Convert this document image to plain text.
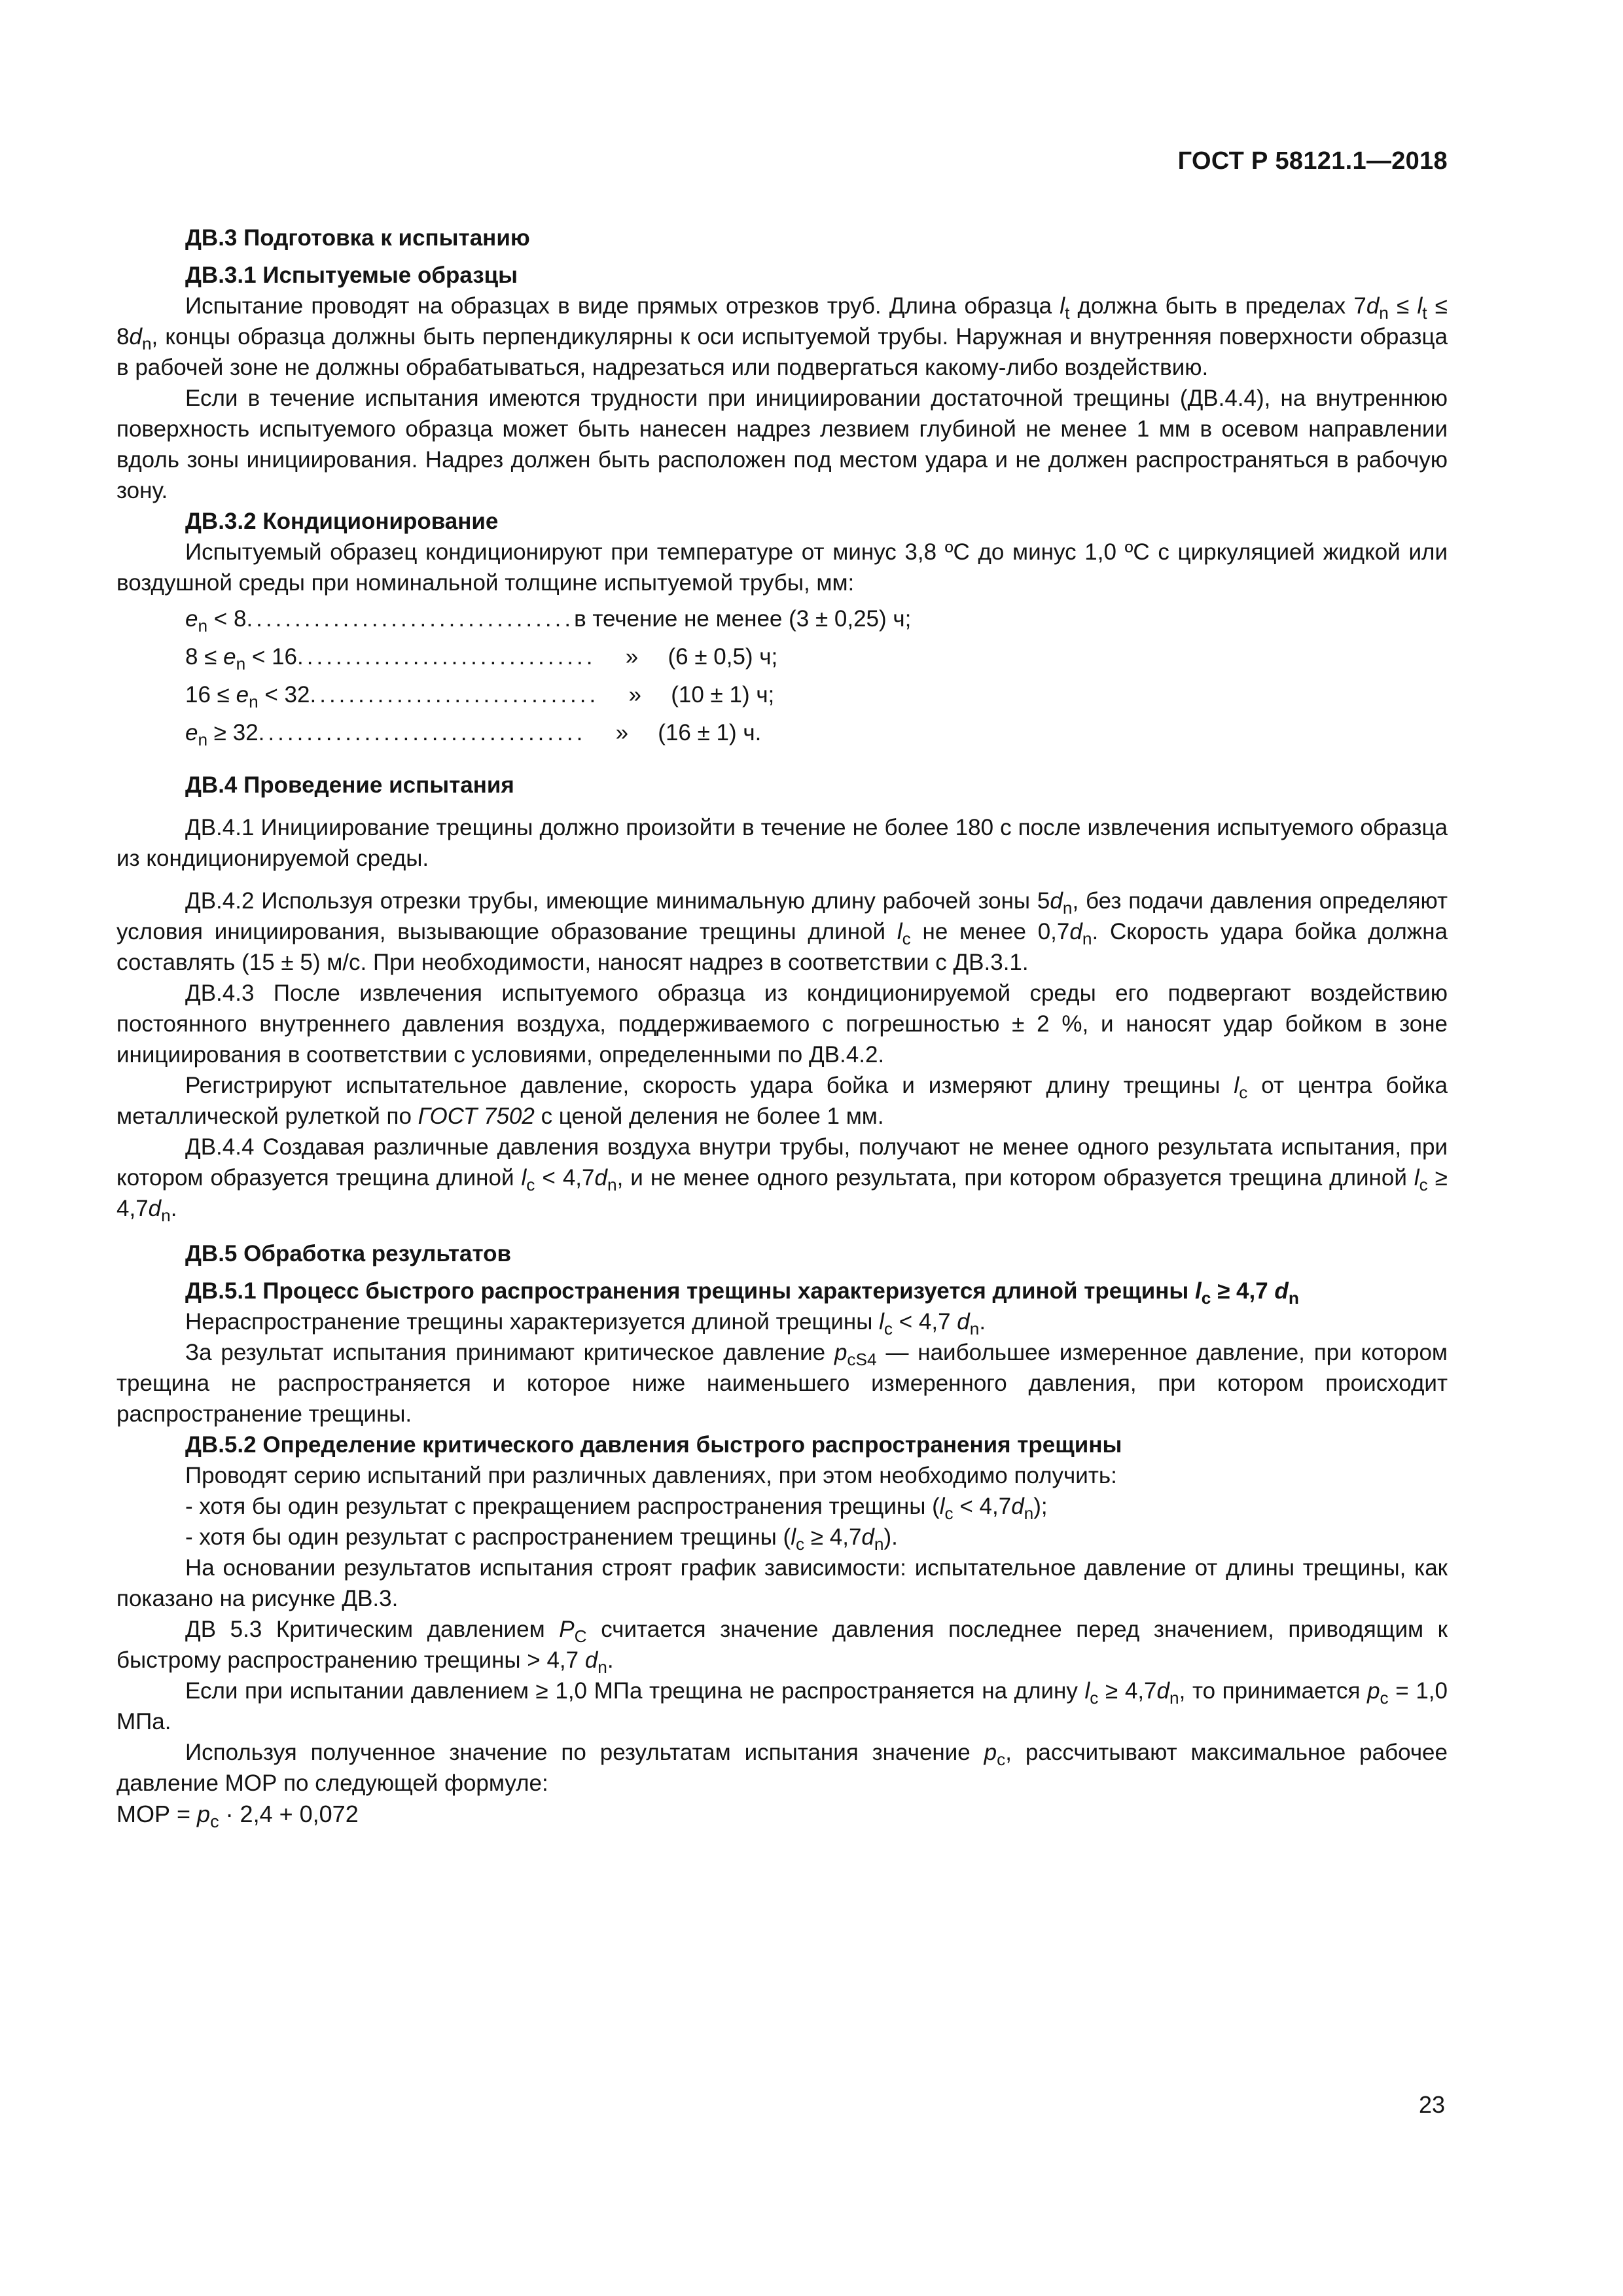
ГОСТ Р 58121.1—2018
ДВ.3 Подготовка к испытанию
ДВ.3.1 Испытуемые образцы

Испытание проводят на образцах в виде прямых отрезков труб. Длина образца $l_t$ должна быть в пределах $7d_n \le l_t \le 8d_n$, концы образца должны быть перпендикулярны к оси испытуемой трубы. Наружная и внутренняя поверхности образца в рабочей зоне не должны обрабатываться, надрезаться или подвергаться какому-либо воздействию.

Если в течение испытания имеются трудности при инициировании достаточной трещины (ДВ.4.4), на внутреннюю поверхность испытуемого образца может быть нанесен надрез лезвием глубиной не менее 1 мм в осевом направлении вдоль зоны инициирования. Надрез должен быть расположен под местом удара и не должен распространяться в рабочую зону.

ДВ.3.2 Кондиционирование

Испытуемый образец кондиционируют при температуре от минус 3,8 ºС до минус 1,0 ºС с циркуляцией жидкой или воздушной среды при номинальной толщине испытуемой трубы, мм:

$e_n < 8$ .................................. в течение не менее (3 ± 0,25) ч;
$8 \le e_n < 16$ ...............................	» (6 ± 0,5) ч;
$16 \le e_n < 32$ ..............................	» (10 ± 1) ч;
$e_n \ge 32$ ..................................	» (16 ± 1) ч.
ДВ.4 Проведение испытания

ДВ.4.1 Инициирование трещины должно произойти в течение не более 180 с после извлечения испытуемого образца из кондиционируемой среды.

ДВ.4.2 Используя отрезки трубы, имеющие минимальную длину рабочей зоны $5d_n$, без подачи давления определяют условия инициирования, вызывающие образование трещины длиной $l_c$ не менее $0,7d_n$. Скорость удара бойка должна составлять (15 ± 5) м/с. При необходимости, наносят надрез в соответствии с ДВ.3.1.

ДВ.4.3 После извлечения испытуемого образца из кондиционируемой среды его подвергают воздействию постоянного внутреннего давления воздуха, поддерживаемого с погрешностью ± 2 %, и наносят удар бойком в зоне инициирования в соответствии с условиями, определенными по ДВ.4.2.

Регистрируют испытательное давление, скорость удара бойка и измеряют длину трещины $l_c$ от центра бойка металлической рулеткой по ГОСТ 7502 с ценой деления не более 1 мм.

ДВ.4.4 Создавая различные давления воздуха внутри трубы, получают не менее одного результата испытания, при котором образуется трещина длиной $l_c < 4,7d_n$, и не менее одного результата, при котором образуется трещина длиной $l_c \ge 4,7d_n$.

ДВ.5 Обработка результатов
ДВ.5.1 Процесс быстрого распространения трещины характеризуется длиной трещины $l_c \ge 4,7$ $d_n$

Нераспространение трещины характеризуется длиной трещины $l_c < 4,7$ $d_n$.

За результат испытания принимают критическое давление $p_{cS4}$ — наибольшее измеренное давление, при котором трещина не распространяется и которое ниже наименьшего измеренного давления, при котором происходит распространение трещины.

ДВ.5.2 Определение критического давления быстрого распространения трещины

Проводят серию испытаний при различных давлениях, при этом необходимо получить:

- хотя бы один результат с прекращением распространения трещины $(l_c < 4,7d_n)$;

- хотя бы один результат с распространением трещины $(l_c \ge 4,7d_n)$.

На основании результатов испытания строят график зависимости: испытательное давление от длины трещины, как показано на рисунке ДВ.3.

ДВ 5.3 Критическим давлением $P_C$ считается значение давления последнее перед значением, приводящим к быстрому распространению трещины > 4,7 $d_n$.

Если при испытании давлением ≥ 1,0 МПа трещина не распространяется на длину $l_c \ge 4,7d_n$, то принимается $p_c = 1,0$ МПа.

Используя полученное значение по результатам испытания значение $p_c$, рассчитывают максимальное рабочее давление МОР по следующей формуле:

МОР = $p_c \cdot 2,4 + 0,072$

23
